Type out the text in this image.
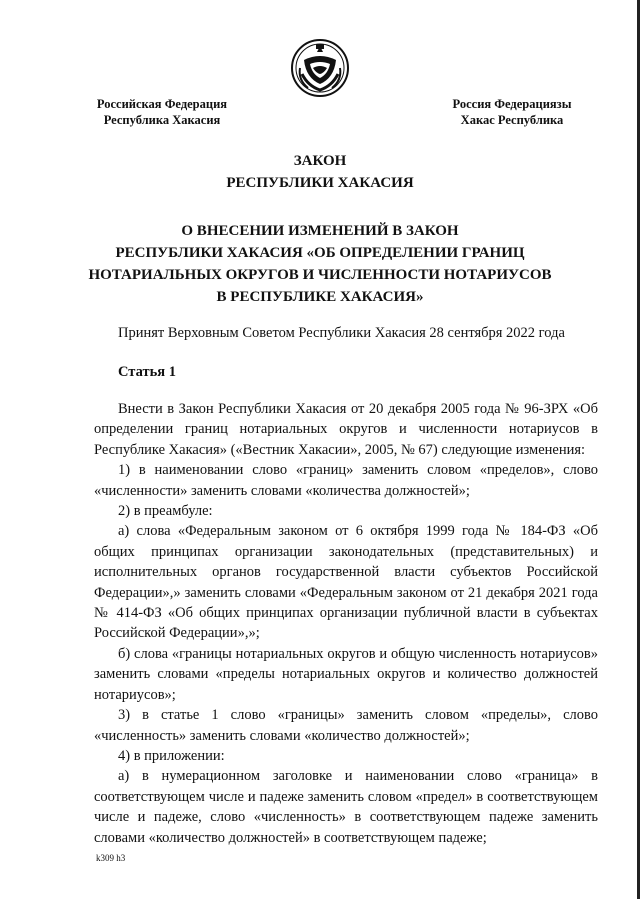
Российская Федерация
Республика Хакасия
Россия Федерациязы
Хакас Республика
ЗАКОН
РЕСПУБЛИКИ ХАКАСИЯ
О ВНЕСЕНИИ ИЗМЕНЕНИЙ В ЗАКОН
РЕСПУБЛИКИ ХАКАСИЯ «ОБ ОПРЕДЕЛЕНИИ ГРАНИЦ
НОТАРИАЛЬНЫХ ОКРУГОВ И ЧИСЛЕННОСТИ НОТАРИУСОВ
В РЕСПУБЛИКЕ ХАКАСИЯ»
Принят Верховным Советом Республики Хакасия 28 сентября 2022 года
Статья 1

Внести в Закон Республики Хакасия от 20 декабря 2005 года № 96-ЗРХ «Об определении границ нотариальных округов и численности нотариусов в Республике Хакасия» («Вестник Хакасии», 2005, № 67) следующие изменения:

1) в наименовании слово «границ» заменить словом «пределов», слово «численности» заменить словами «количества должностей»;

2) в преамбуле:

а) слова «Федеральным законом от 6 октября 1999 года № 184-ФЗ «Об общих принципах организации законодательных (представительных) и исполнительных органов государственной власти субъектов Российской Федерации»,» заменить словами «Федеральным законом от 21 декабря 2021 года № 414-ФЗ «Об общих принципах организации публичной власти в субъектах Российской Федерации»,»;

б) слова «границы нотариальных округов и общую численность нотариусов» заменить словами «пределы нотариальных округов и количество должностей нотариусов»;

3) в статье 1 слово «границы» заменить словом «пределы», слово «численность» заменить словами «количество должностей»;

4) в приложении:

а) в нумерационном заголовке и наименовании слово «граница» в соответствующем числе и падеже заменить словом «предел» в соответствующем числе и падеже, слово «численность» в соответствующем падеже заменить словами «количество должностей» в соответствующем падеже;

k309 h3
